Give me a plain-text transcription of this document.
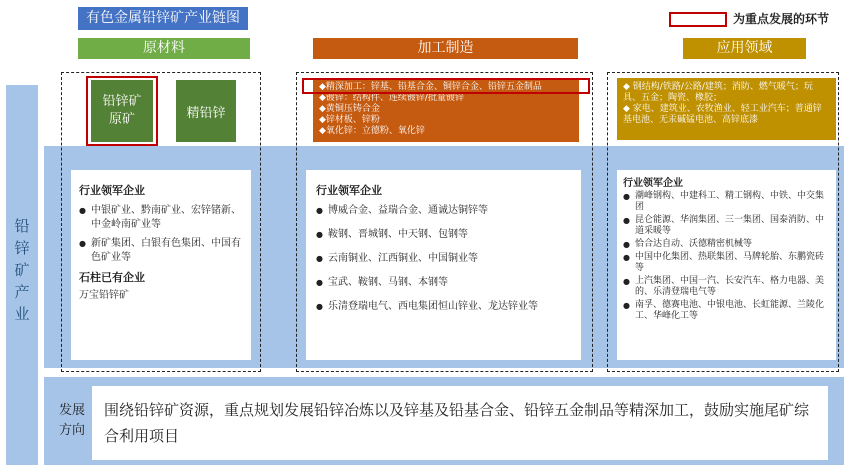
有色金属铅锌矿产业链图	为重点发展的环节
原材料	加工制造	应用领域
铅
锌
矿
产
业
铅锌矿
原矿	精铅锌
◆精深加工：锌基、铅基合金、铜锌合金、铅锌五金制品
◆镀锌：结构件、连续镀锌/批量镀锌
◆黄铜压铸合金
◆锌材板、锌粉
◆氧化锌：立德粉、氧化锌
◆ 钢结构/铁路/公路/建筑；消防、燃气暖气；玩具、五金；陶瓷、橡胶；
◆ 家电、建筑业、农牧渔业、轻工业汽车；普通锌基电池、无汞碱锰电池、高锌底漆
行业领军企业
● 中银矿业、黔南矿业、宏锌锗新、中金岭南矿业等
● 新矿集团、白银有色集团、中国有色矿业等
石柱已有企业
万宝铅锌矿
行业领军企业
● 博威合金、益瑞合金、通诚达铜锌等
● 鞍钢、晋城钢、中天钢、包钢等
● 云南铜业、江西铜业、中国铜业等
● 宝武、鞍钢、马钢、本钢等
● 乐清登瑞电气、西电集团恒山锌业、龙达锌业等
行业领军企业
● 潮峰钢构、中建科工、精工钢构、中铁、中交集团
● 昆仑能源、华润集团、三一集团、国泰消防、中道采暖等
● 恰合达自动、沃德精密机械等
● 中国中化集团、热联集团、马牌轮胎、东鹏瓷砖等
● 上汽集团、中国一汽、长安汽车、格力电器、美的、乐清登瑞电气等
● 南孚、德赛电池、中银电池、长虹能源、兰陵化工、华峰化工等
发展
方向
围绕铅锌矿资源，重点规划发展铅锌冶炼以及锌基及铅基合金、铅锌五金制品等精深加工，鼓励实施尾矿综合利用项目
